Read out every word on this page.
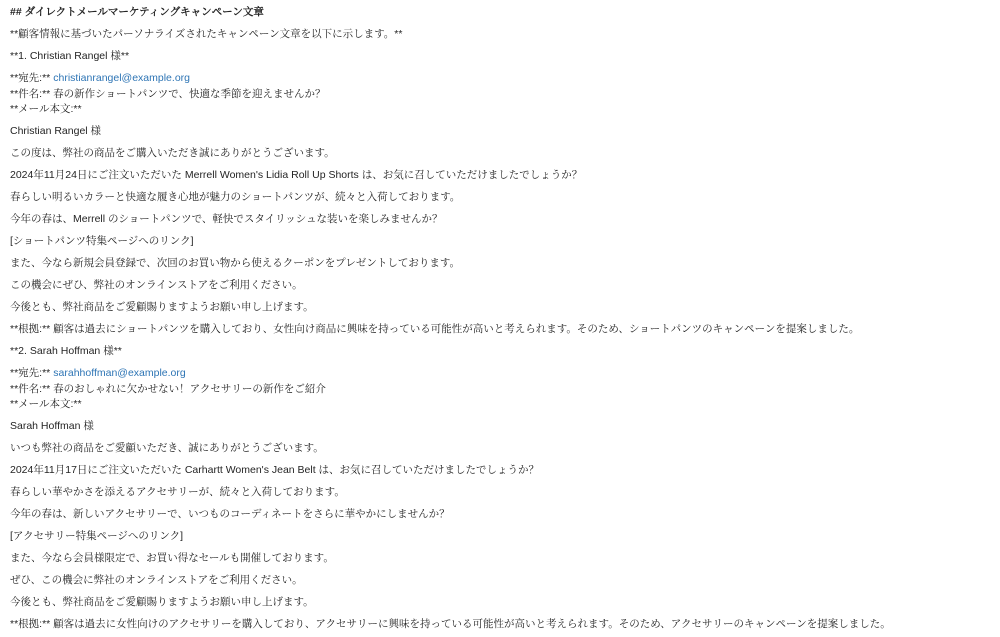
## ダイレクトメールマーケティングキャンペーン文章

**顧客情報に基づいたパーソナライズされたキャンペーン文章を以下に示します。**

**1. Christian Rangel 様**

**宛先:** christianrangel@example.org
**件名:** 春の新作ショートパンツで、快適な季節を迎えませんか？
**メール本文:**

Christian Rangel 様

この度は、弊社の商品をご購入いただき誠にありがとうございます。

2024年11月24日にご注文いただいた Merrell Women's Lidia Roll Up Shorts は、お気に召していただけましたでしょうか？

春らしい明るいカラーと快適な履き心地が魅力のショートパンツが、続々と入荷しております。

今年の春は、Merrell のショートパンツで、軽快でスタイリッシュな装いを楽しみませんか？

[ショートパンツ特集ページへのリンク]

また、今なら新規会員登録で、次回のお買い物から使えるクーポンをプレゼントしております。

この機会にぜひ、弊社のオンラインストアをご利用ください。

今後とも、弊社商品をご愛顧賜りますようお願い申し上げます。

**根拠:** 顧客は過去にショートパンツを購入しており、女性向け商品に興味を持っている可能性が高いと考えられます。そのため、ショートパンツのキャンペーンを提案しました。

**2. Sarah Hoffman 様**

**宛先:** sarahhoffman@example.org
**件名:** 春のおしゃれに欠かせない！アクセサリーの新作をご紹介
**メール本文:**

Sarah Hoffman 様

いつも弊社の商品をご愛顧いただき、誠にありがとうございます。

2024年11月17日にご注文いただいた Carhartt Women's Jean Belt は、お気に召していただけましたでしょうか？

春らしい華やかさを添えるアクセサリーが、続々と入荷しております。

今年の春は、新しいアクセサリーで、いつものコーディネートをさらに華やかにしませんか？

[アクセサリー特集ページへのリンク]

また、今なら会員様限定で、お買い得なセールも開催しております。

ぜひ、この機会に弊社のオンラインストアをご利用ください。

今後とも、弊社商品をご愛顧賜りますようお願い申し上げます。

**根拠:** 顧客は過去に女性向けのアクセサリーを購入しており、アクセサリーに興味を持っている可能性が高いと考えられます。そのため、アクセサリーのキャンペーンを提案しました。
